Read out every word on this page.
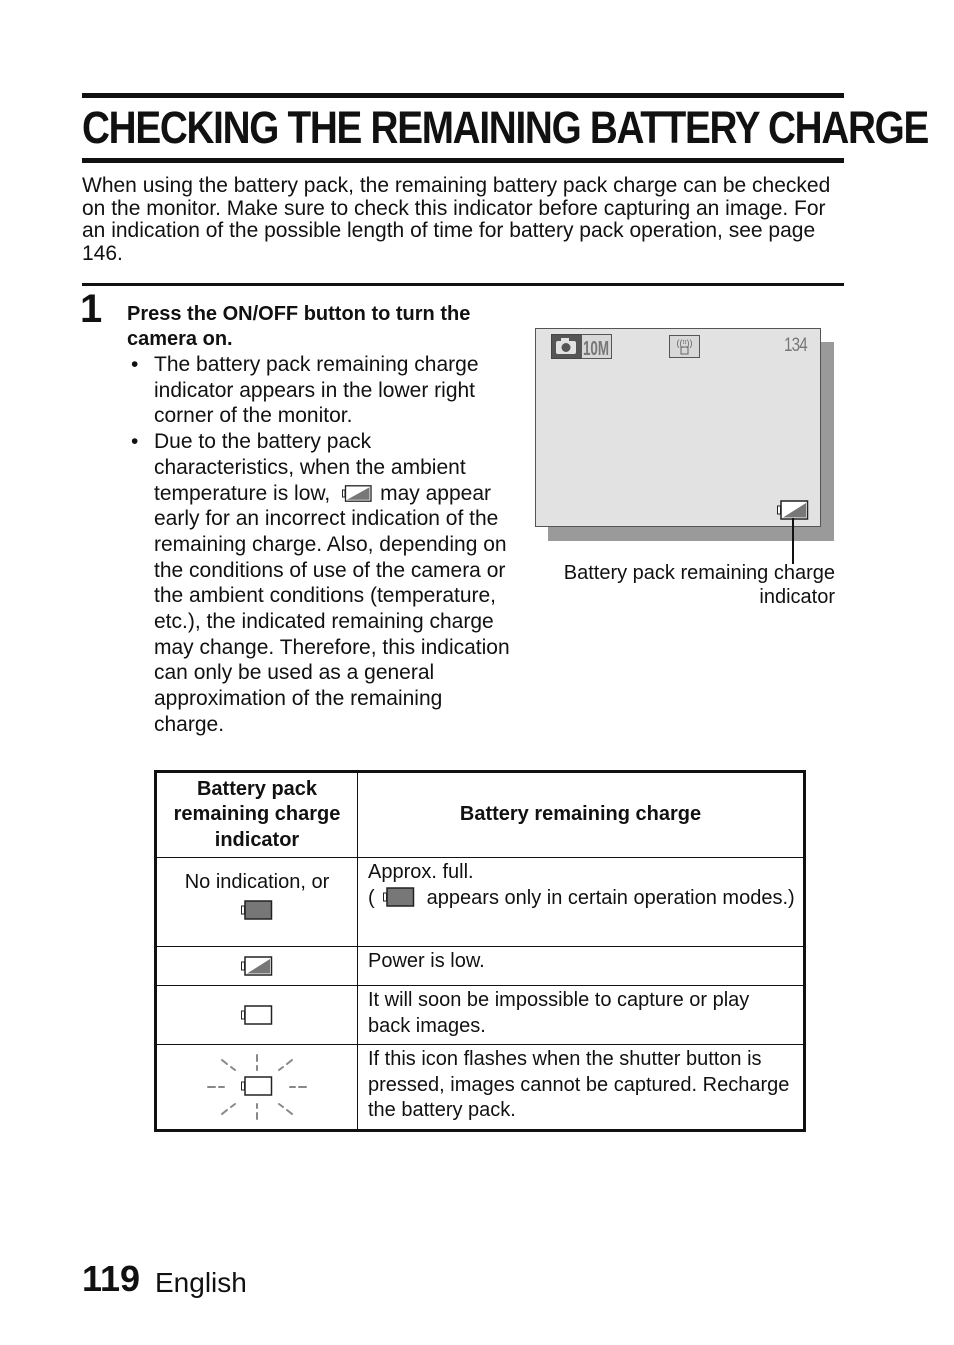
CHECKING THE REMAINING BATTERY CHARGE
When using the battery pack, the remaining battery pack charge can be checked on the monitor. Make sure to check this indicator before capturing an image. For an indication of the possible length of time for battery pack operation, see page 146.
1 Press the ON/OFF button to turn the camera on.
• The battery pack remaining charge indicator appears in the lower right corner of the monitor.
• Due to the battery pack characteristics, when the ambient temperature is low, may appear early for an incorrect indication of the remaining charge. Also, depending on the conditions of use of the camera or the ambient conditions (temperature, etc.), the indicated remaining charge may change. Therefore, this indication can only be used as a general approximation of the remaining charge.
10M	((ᵗᵗ))	134
Battery pack remaining charge indicator
Battery pack remaining charge indicator	Battery remaining charge

No indication, or	Approx. full.
( appears only in certain operation modes.)

	Power is low.

	It will soon be impossible to capture or play back images.

	If this icon flashes when the shutter button is pressed, images cannot be captured. Recharge the battery pack.
119 English
